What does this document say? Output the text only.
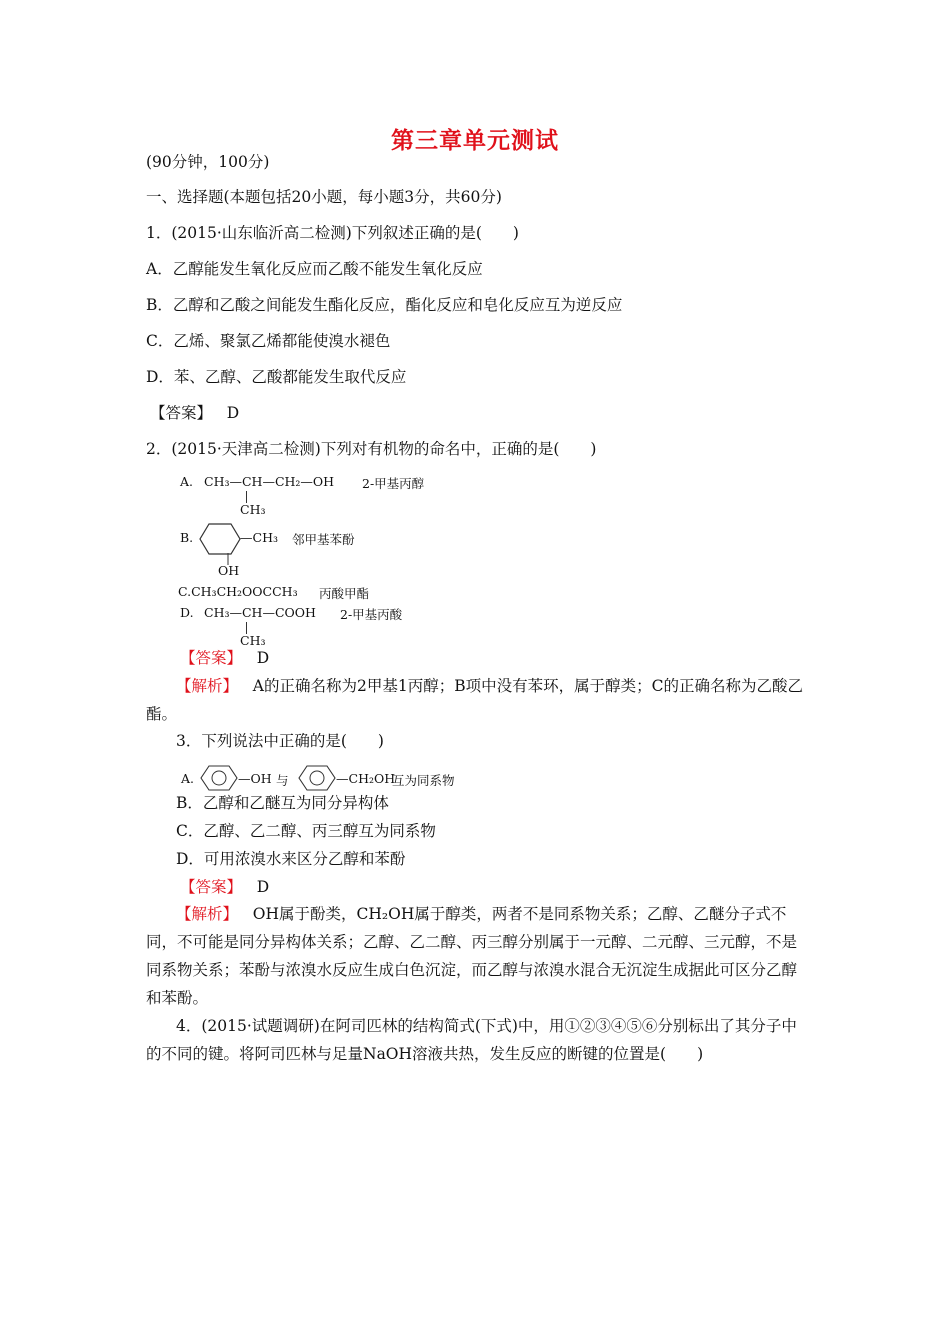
第三章单元测试
(90分钟，100分)
一、选择题(本题包括20小题，每小题3分，共60分)
1．(2015·山东临沂高二检测)下列叙述正确的是(　　)
A．乙醇能发生氧化反应而乙酸不能发生氧化反应
B．乙醇和乙酸之间能发生酯化反应，酯化反应和皂化反应互为逆反应
C．乙烯、聚氯乙烯都能使溴水褪色
D．苯、乙醇、乙酸都能发生取代反应
【答案】 D
2．(2015·天津高二检测)下列对有机物的命名中，正确的是(　　)
A. CH₃—CH—CH₂—OH
CH₃
2-甲基丙醇
B.	—CH₃
OH
邻甲基苯酚
C.CH₃CH₂OOCCH₃ 丙酸甲酯
D. CH₃—CH—COOH
CH₃
2-甲基丙酸
【答案】 D
【解析】 A的正确名称为2甲基1丙醇；B项中没有苯环，属于醇类；C的正确名称为乙酸乙酯。
3．下列说法中正确的是(　　)
A.	—OH 与	—CH₂OH
互为同系物
B．乙醇和乙醚互为同分异构体
C．乙醇、乙二醇、丙三醇互为同系物
D．可用浓溴水来区分乙醇和苯酚
【答案】 D
【解析】 OH属于酚类，CH₂OH属于醇类，两者不是同系物关系；乙醇、乙醚分子式不同，不可能是同分异构体关系；乙醇、乙二醇、丙三醇分别属于一元醇、二元醇、三元醇，不是同系物关系；苯酚与浓溴水反应生成白色沉淀，而乙醇与浓溴水混合无沉淀生成据此可区分乙醇和苯酚。
4．(2015·试题调研)在阿司匹林的结构简式(下式)中，用①②③④⑤⑥分别标出了其分子中的不同的键。将阿司匹林与足量NaOH溶液共热，发生反应的断键的位置是(　　)
